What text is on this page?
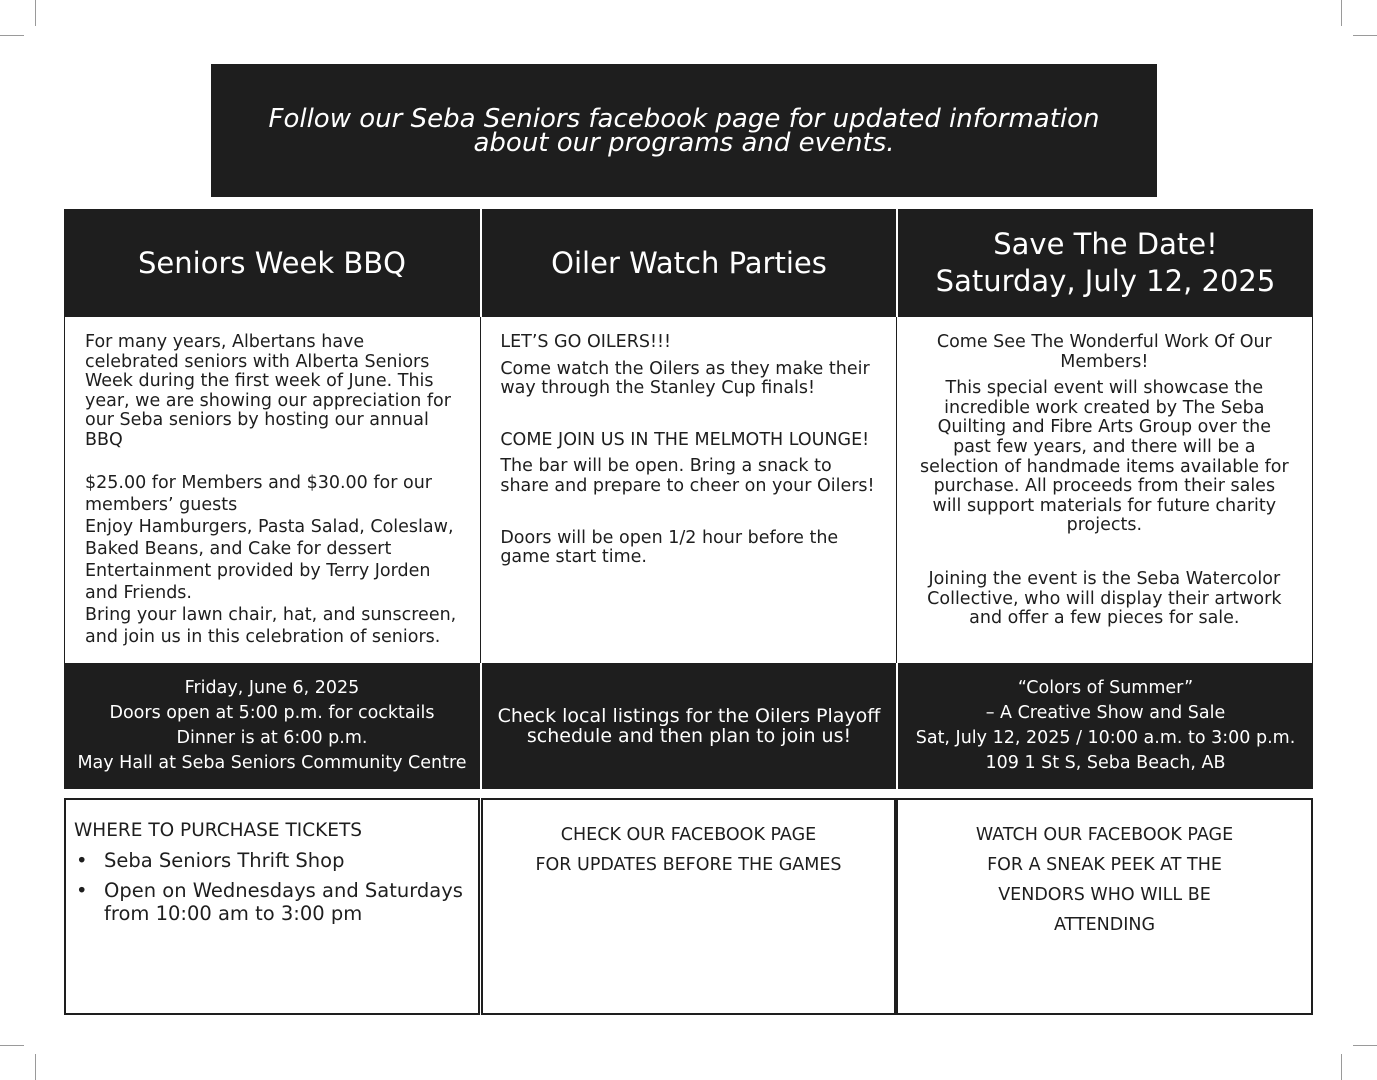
Follow our Seba Seniors facebook page for updated information
about our programs and events.
Seniors Week BBQ	Oiler Watch Parties
Save The Date!
Saturday, July 12, 2025

For many years, Albertans have celebrated seniors with Alberta Seniors Week during the first week of June. This year, we are showing our appreciation for our Seba seniors by hosting our annual BBQ

$25.00 for Members and $30.00 for our members’ guests

Enjoy Hamburgers, Pasta Salad, Coleslaw, Baked Beans, and Cake for dessert

Entertainment provided by Terry Jorden and Friends.

Bring your lawn chair, hat, and sunscreen, and join us in this celebration of seniors.

LET’S GO OILERS!!!

Come watch the Oilers as they make their way through the Stanley Cup finals!

COME JOIN US IN THE MELMOTH LOUNGE!

The bar will be open. Bring a snack to share and prepare to cheer on your Oilers!

Doors will be open 1/2 hour before the game start time.

Come See The Wonderful Work Of Our Members!

This special event will showcase the incredible work created by The Seba Quilting and Fibre Arts Group over the past few years, and there will be a selection of handmade items available for purchase. All proceeds from their sales will support materials for future charity projects.

Joining the event is the Seba Watercolor Collective, who will display their artwork and offer a few pieces for sale.

Friday, June 6, 2025
Doors open at 5:00 p.m. for cocktails
Dinner is at 6:00 p.m.
May Hall at Seba Seniors Community Centre
Check local listings for the Oilers Playoff
schedule and then plan to join us!
“Colors of Summer”
– A Creative Show and Sale
Sat, July 12, 2025 / 10:00 a.m. to 3:00 p.m.
109 1 St S, Seba Beach, AB
WHERE TO PURCHASE TICKETS
• Seba Seniors Thrift Shop
• Open on Wednesdays and Saturdays from 10:00 am to 3:00 pm
CHECK OUR FACEBOOK PAGE
FOR UPDATES BEFORE THE GAMES
WATCH OUR FACEBOOK PAGE
FOR A SNEAK PEEK AT THE
VENDORS WHO WILL BE
ATTENDING
